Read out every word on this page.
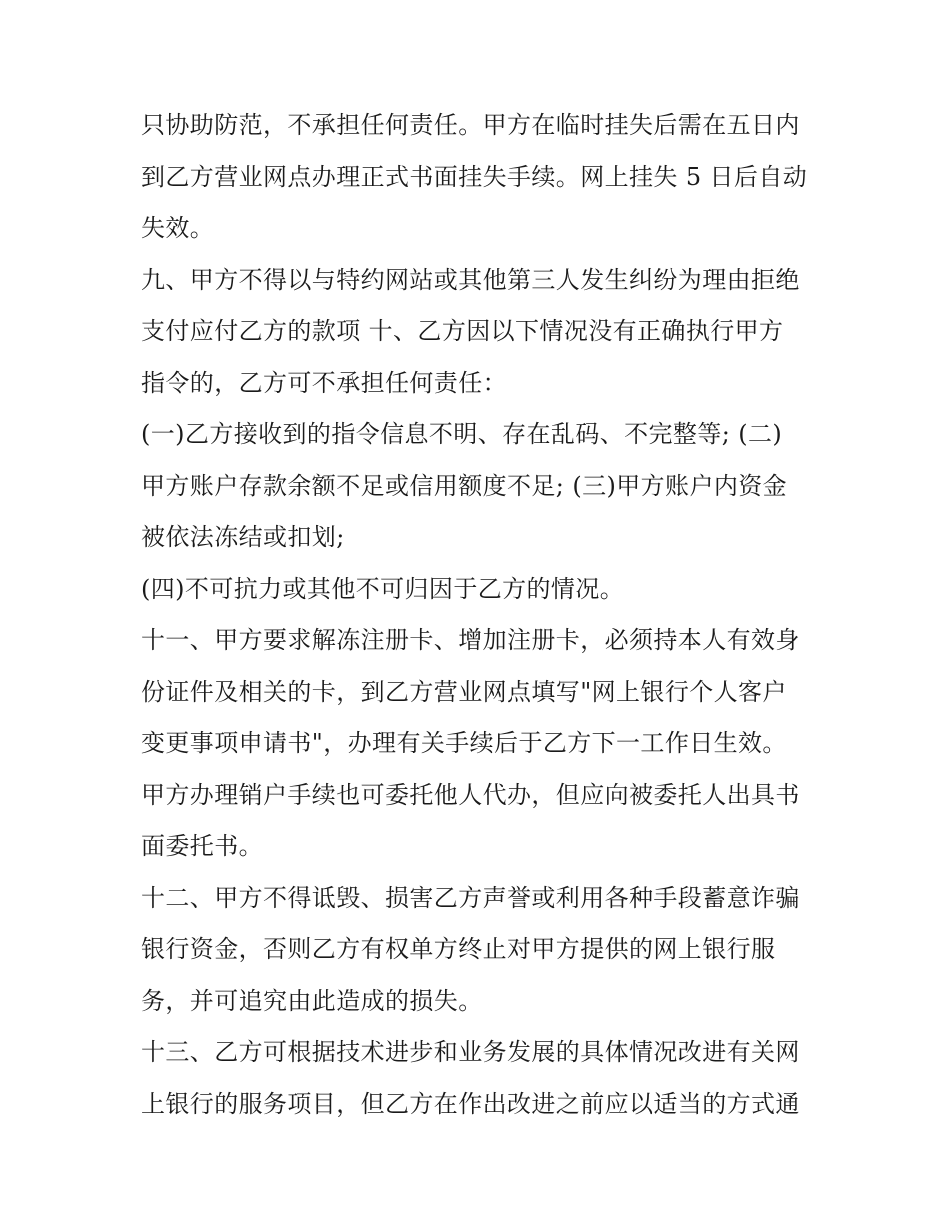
只协助防范，不承担任何责任。甲方在临时挂失后需在五日内
到乙方营业网点办理正式书面挂失手续。网上挂失 5 日后自动
失效。
九、甲方不得以与特约网站或其他第三人发生纠纷为理由拒绝
支付应付乙方的款项 十、乙方因以下情况没有正确执行甲方
指令的，乙方可不承担任何责任：
(一)乙方接收到的指令信息不明、存在乱码、不完整等; (二)
甲方账户存款余额不足或信用额度不足; (三)甲方账户内资金
被依法冻结或扣划;
(四)不可抗力或其他不可归因于乙方的情况。
十一、甲方要求解冻注册卡、增加注册卡，必须持本人有效身
份证件及相关的卡，到乙方营业网点填写"网上银行个人客户
变更事项申请书"，办理有关手续后于乙方下一工作日生效。
甲方办理销户手续也可委托他人代办，但应向被委托人出具书
面委托书。
十二、甲方不得诋毁、损害乙方声誉或利用各种手段蓄意诈骗
银行资金，否则乙方有权单方终止对甲方提供的网上银行服
务，并可追究由此造成的损失。
十三、乙方可根据技术进步和业务发展的具体情况改进有关网
上银行的服务项目，但乙方在作出改进之前应以适当的方式通
